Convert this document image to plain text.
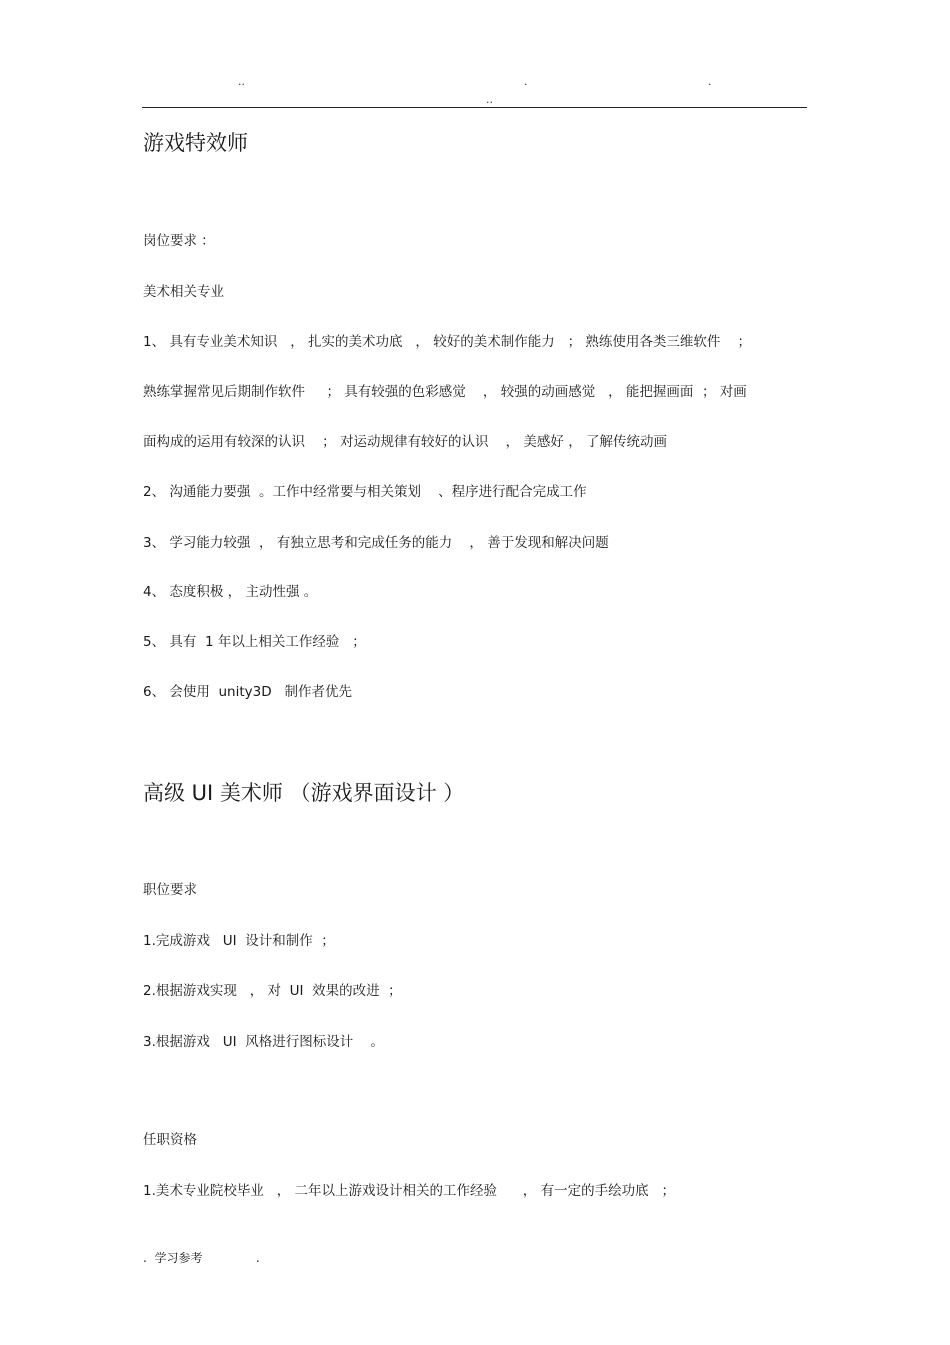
..	.	.
..
游戏特效师
岗位要求 ：
美术相关专业
1、 具有专业美术知识   ， 扎实的美术功底   ， 较好的美术制作能力   ； 熟练使用各类三维软件    ；
熟练掌握常见后期制作软件     ； 具有较强的色彩感觉    ， 较强的动画感觉   ， 能把握画面  ； 对画
面构成的运用有较深的认识    ； 对运动规律有较好的认识    ， 美感好 ， 了解传统动画
2、 沟通能力要强  。工作中经常要与相关策划    、程序进行配合完成工作
3、 学习能力较强  ， 有独立思考和完成任务的能力    ， 善于发现和解决问题
4、 态度积极 ， 主动性强 。
5、 具有  1 年以上相关工作经验   ；
6、 会使用  unity3D   制作者优先
高级 UI 美术师 （游戏界面设计 ）
职位要求
1.完成游戏   UI  设计和制作  ；
2.根据游戏实现   ， 对  UI  效果的改进  ；
3.根据游戏   UI  风格进行图标设计    。
任职资格
1.美术专业院校毕业   ， 二年以上游戏设计相关的工作经验      ， 有一定的手绘功底   ；
.  学习参考              .
